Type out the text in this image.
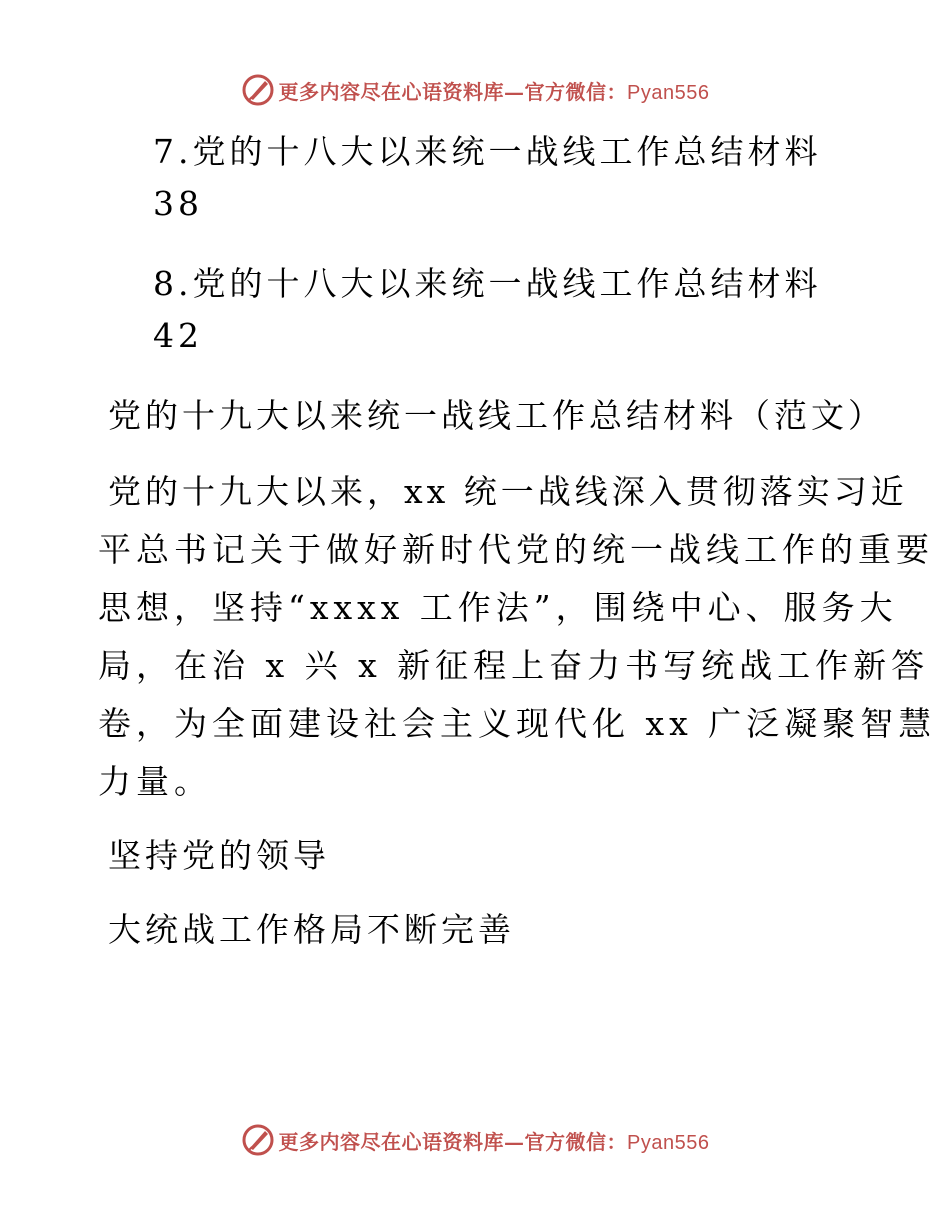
更多内容尽在心语资料库—官方微信：Pyan556
7.党的十八大以来统一战线工作总结材料
38
8.党的十八大以来统一战线工作总结材料
42
党的十九大以来统一战线工作总结材料（范文）
党的十九大以来，xx 统一战线深入贯彻落实习近
平总书记关于做好新时代党的统一战线工作的重要
思想，坚持“xxxx 工作法”，围绕中心、服务大
局，在治 x 兴 x 新征程上奋力书写统战工作新答
卷，为全面建设社会主义现代化 xx 广泛凝聚智慧
力量。
坚持党的领导
大统战工作格局不断完善
更多内容尽在心语资料库—官方微信：Pyan556
